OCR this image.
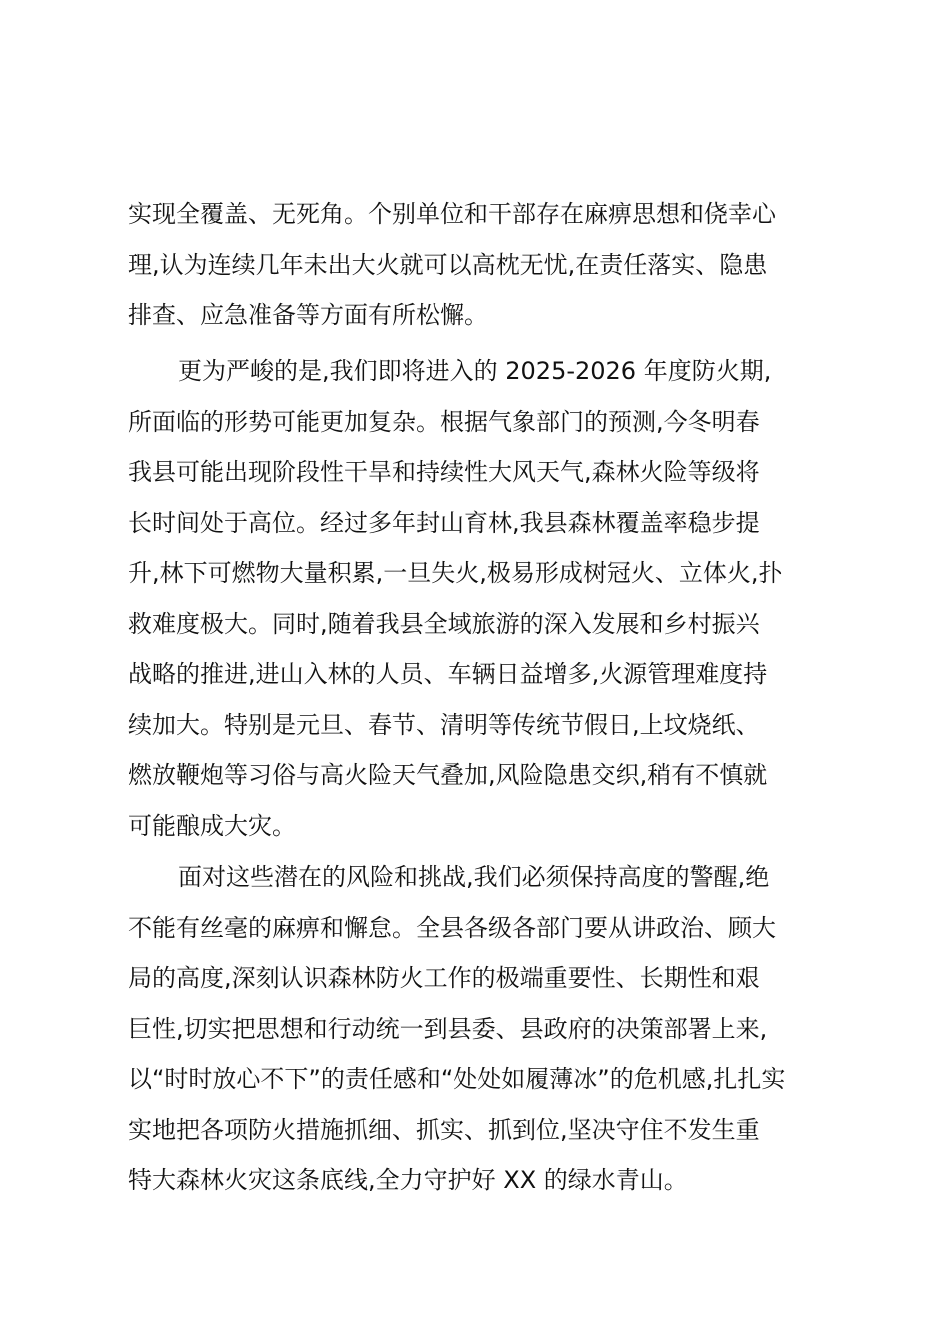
实现全覆盖、无死角。个别单位和干部存在麻痹思想和侥幸心
理,认为连续几年未出大火就可以高枕无忧,在责任落实、隐患
排查、应急准备等方面有所松懈。
更为严峻的是,我们即将进入的 2025-2026 年度防火期,
所面临的形势可能更加复杂。根据气象部门的预测,今冬明春
我县可能出现阶段性干旱和持续性大风天气,森林火险等级将
长时间处于高位。经过多年封山育林,我县森林覆盖率稳步提
升,林下可燃物大量积累,一旦失火,极易形成树冠火、立体火,扑
救难度极大。同时,随着我县全域旅游的深入发展和乡村振兴
战略的推进,进山入林的人员、车辆日益增多,火源管理难度持
续加大。特别是元旦、春节、清明等传统节假日,上坟烧纸、
燃放鞭炮等习俗与高火险天气叠加,风险隐患交织,稍有不慎就
可能酿成大灾。
面对这些潜在的风险和挑战,我们必须保持高度的警醒,绝
不能有丝毫的麻痹和懈怠。全县各级各部门要从讲政治、顾大
局的高度,深刻认识森林防火工作的极端重要性、长期性和艰
巨性,切实把思想和行动统一到县委、县政府的决策部署上来,
以“时时放心不下”的责任感和“处处如履薄冰”的危机感,扎扎实
实地把各项防火措施抓细、抓实、抓到位,坚决守住不发生重
特大森林火灾这条底线,全力守护好 XX 的绿水青山。
